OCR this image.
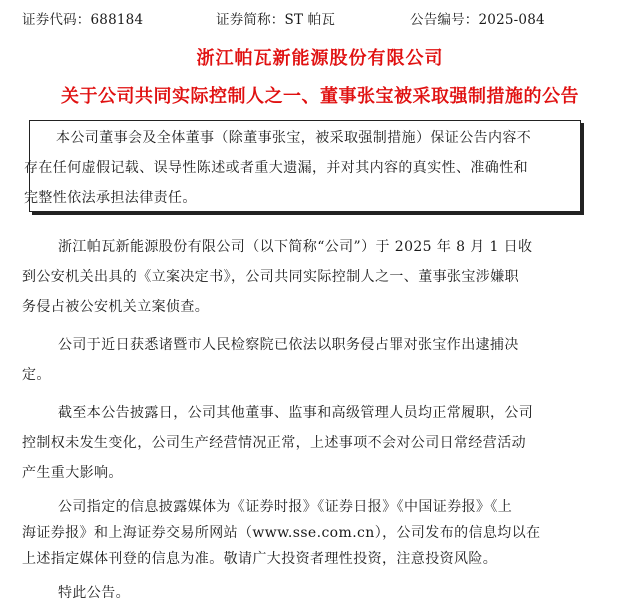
证券代码：688184	证券简称：ST 帕瓦	公告编号：2025-084
浙江帕瓦新能源股份有限公司
关于公司共同实际控制人之一、董事张宝被采取强制措施的公告
本公司董事会及全体董事（除董事张宝，被采取强制措施）保证公告内容不
存在任何虚假记载、误导性陈述或者重大遗漏，并对其内容的真实性、准确性和
完整性依法承担法律责任。
浙江帕瓦新能源股份有限公司（以下简称“公司”）于 2025 年 8 月 1 日收
到公安机关出具的《立案决定书》，公司共同实际控制人之一、董事张宝涉嫌职
务侵占被公安机关立案侦查。
公司于近日获悉诸暨市人民检察院已依法以职务侵占罪对张宝作出逮捕决
定。
截至本公告披露日，公司其他董事、监事和高级管理人员均正常履职，公司
控制权未发生变化，公司生产经营情况正常，上述事项不会对公司日常经营活动
产生重大影响。
公司指定的信息披露媒体为《证券时报》《证券日报》《中国证券报》《上
海证券报》和上海证券交易所网站（www.sse.com.cn），公司发布的信息均以在
上述指定媒体刊登的信息为准。敬请广大投资者理性投资，注意投资风险。
特此公告。
